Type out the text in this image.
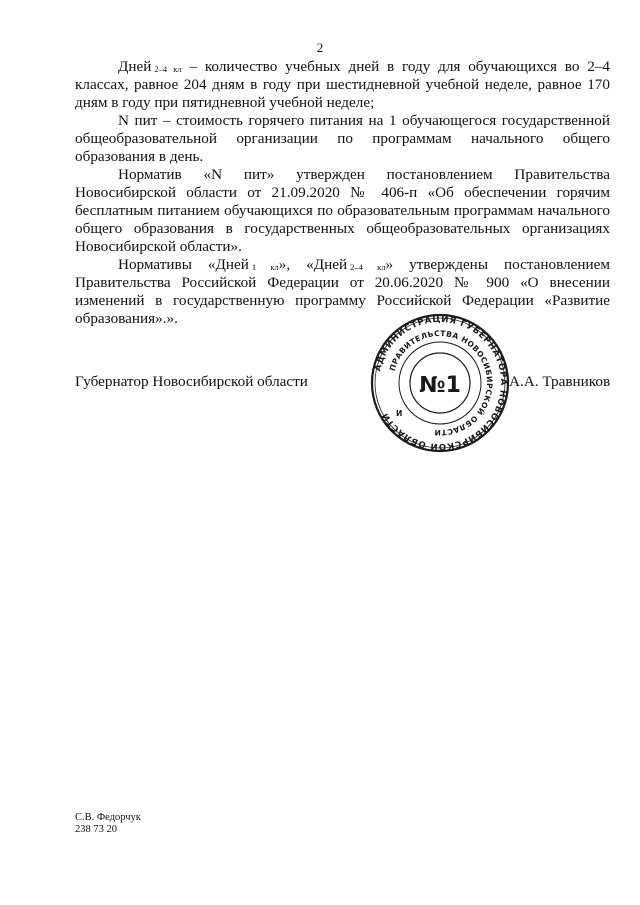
2

Дней  $_{2-4 кл}$ – количество учебных дней в году для обучающихся во 2–4 классах, равное 204 дням в году при шестидневной учебной неделе, равное 170 дням в году при пятидневной учебной неделе;

N пит – стоимость горячего питания на 1 обучающегося государственной общеобразовательной организации по программам начального общего образования в день.

Норматив «N пит» утвержден постановлением Правительства Новосибирской области от 21.09.2020 № 406-п «Об обеспечении горячим бесплатным питанием обучающихся по образовательным программам начального общего образования в государственных общеобразовательных организациях Новосибирской области».

Нормативы «Дней  $_{1 кл}$», «Дней  $_{2-4 кл}$» утверждены постановлением Правительства Российской Федерации от 20.06.2020 № 900 «О внесении изменений в государственную программу Российской Федерации «Развитие образования».».

Губернатор Новосибирской области
АДМИНИСТРАЦИЯ ГУБЕРНАТОРА НОВОСИБИРСКОЙ ОБЛАСТИ
ПРАВИТЕЛЬСТВА НОВОСИБИРСКОЙ ОБЛАСТИ
И
№1	А.А. Травников
С.В. Федорчук
238 73 20
